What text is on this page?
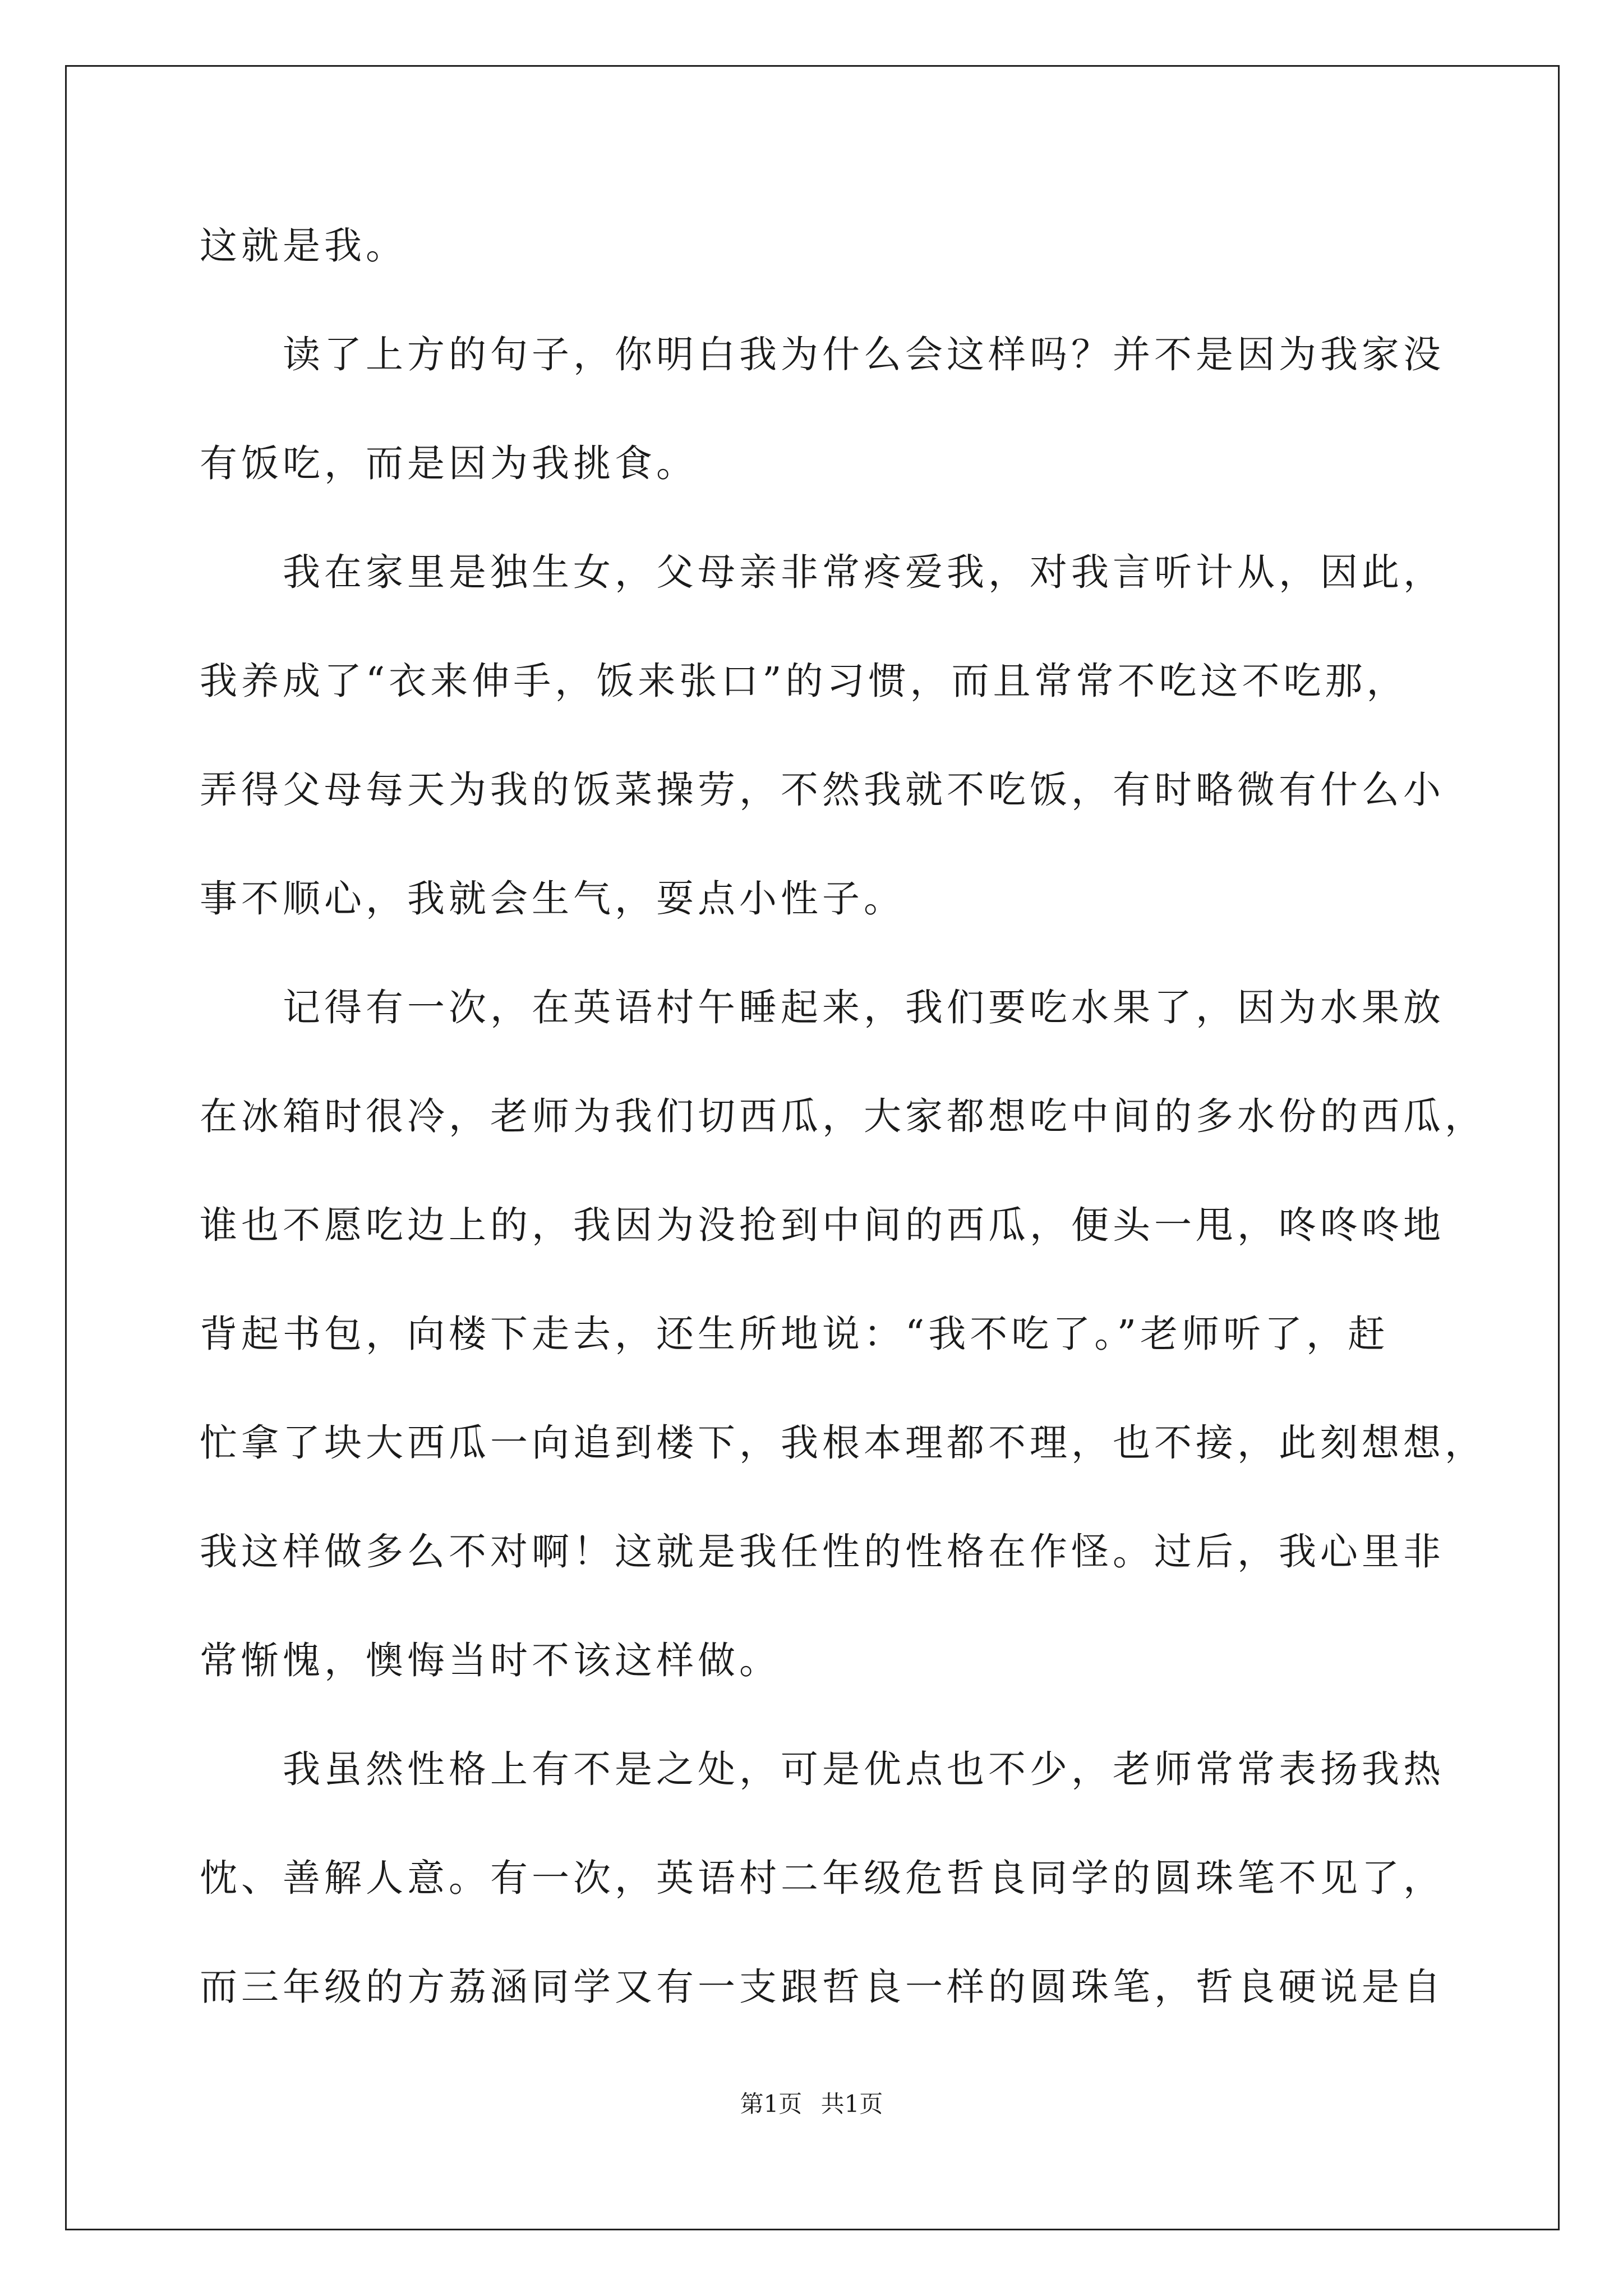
这就是我。
读了上方的句子，你明白我为什么会这样吗？并不是因为我家没
有饭吃，而是因为我挑食。
我在家里是独生女，父母亲非常疼爱我，对我言听计从，因此，
我养成了“衣来伸手，饭来张口”的习惯，而且常常不吃这不吃那，
弄得父母每天为我的饭菜操劳，不然我就不吃饭，有时略微有什么小
事不顺心，我就会生气，耍点小性子。
记得有一次，在英语村午睡起来，我们要吃水果了，因为水果放
在冰箱时很冷，老师为我们切西瓜，大家都想吃中间的多水份的西瓜，
谁也不愿吃边上的，我因为没抢到中间的西瓜，便头一甩，咚咚咚地
背起书包，向楼下走去，还生所地说：“我不吃了。”老师听了，赶
忙拿了块大西瓜一向追到楼下，我根本理都不理，也不接，此刻想想，
我这样做多么不对啊！这就是我任性的性格在作怪。过后，我心里非
常惭愧，懊悔当时不该这样做。
我虽然性格上有不是之处，可是优点也不少，老师常常表扬我热
忱、善解人意。有一次，英语村二年级危哲良同学的圆珠笔不见了，
而三年级的方荔涵同学又有一支跟哲良一样的圆珠笔，哲良硬说是自
第1页 共1页
